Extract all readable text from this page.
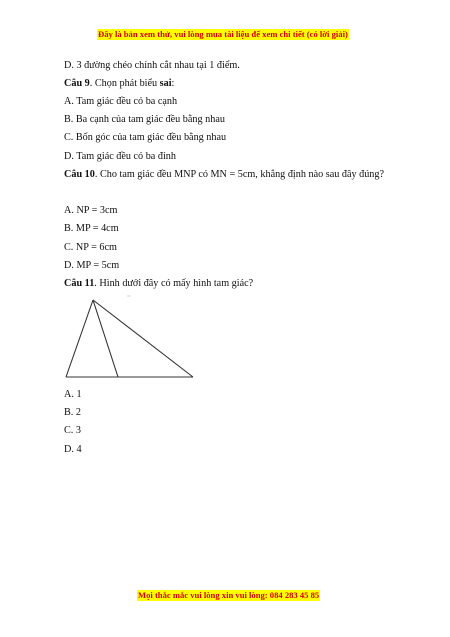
Đây là bản xem thử, vui lòng mua tài liệu để xem chi tiết (có lời giải)
D. 3 đường chéo chính cắt nhau tại 1 điểm.
Câu 9. Chọn phát biểu sai:
A. Tam giác đều có ba cạnh
B. Ba cạnh của tam giác đều bằng nhau
C. Bốn góc của tam giác đều bằng nhau
D. Tam giác đều có ba đỉnh
Câu 10. Cho tam giác đều MNP có MN = 5cm, khẳng định nào sau đây đúng?
A. NP = 3cm
B. MP = 4cm
C. NP = 6cm
D. MP = 5cm
Câu 11. Hình dưới đây có mấy hình tam giác?
A. 1
B. 2
C. 3
D. 4
Mọi thắc mắc vui lòng xin vui lòng: 084 283 45 85
